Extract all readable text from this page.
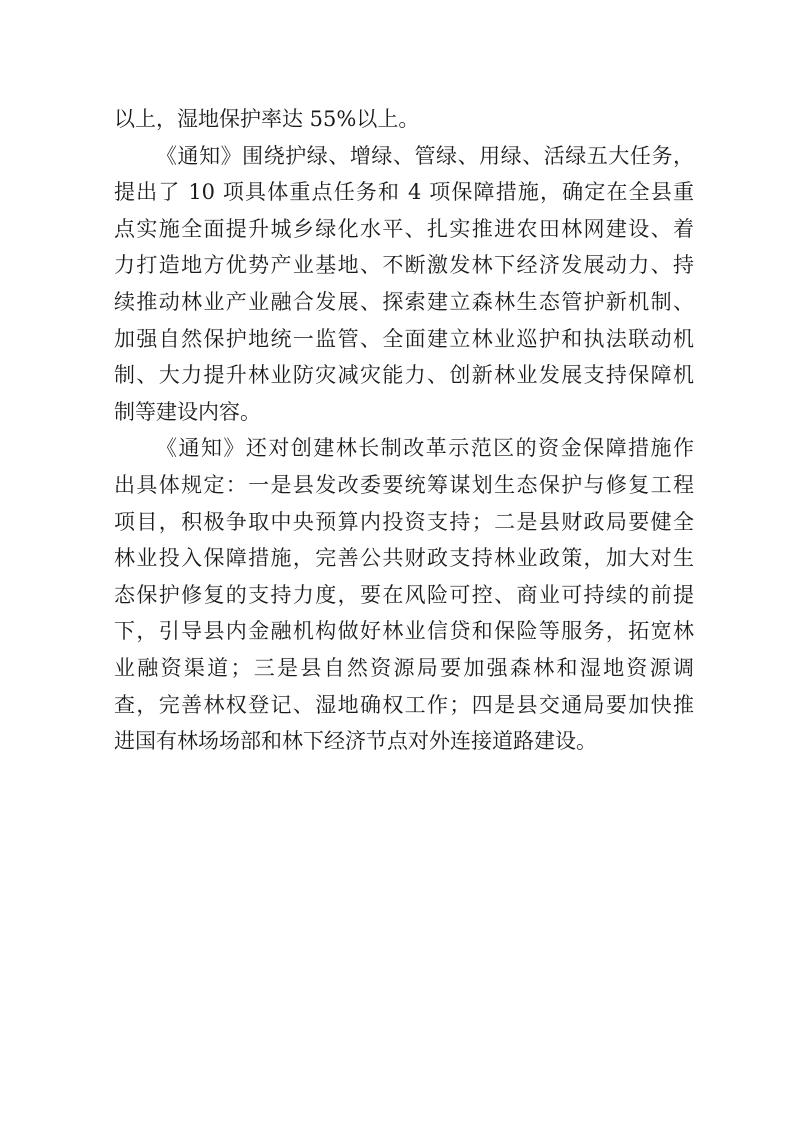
以上，湿地保护率达 55%以上。
《通知》围绕护绿、增绿、管绿、用绿、活绿五大任务，
提出了 10 项具体重点任务和 4 项保障措施，确定在全县重
点实施全面提升城乡绿化水平、扎实推进农田林网建设、着
力打造地方优势产业基地、不断激发林下经济发展动力、持
续推动林业产业融合发展、探索建立森林生态管护新机制、
加强自然保护地统一监管、全面建立林业巡护和执法联动机
制、大力提升林业防灾减灾能力、创新林业发展支持保障机
制等建设内容。
《通知》还对创建林长制改革示范区的资金保障措施作
出具体规定：一是县发改委要统筹谋划生态保护与修复工程
项目，积极争取中央预算内投资支持；二是县财政局要健全
林业投入保障措施，完善公共财政支持林业政策，加大对生
态保护修复的支持力度，要在风险可控、商业可持续的前提
下，引导县内金融机构做好林业信贷和保险等服务，拓宽林
业融资渠道；三是县自然资源局要加强森林和湿地资源调
查，完善林权登记、湿地确权工作；四是县交通局要加快推
进国有林场场部和林下经济节点对外连接道路建设。
